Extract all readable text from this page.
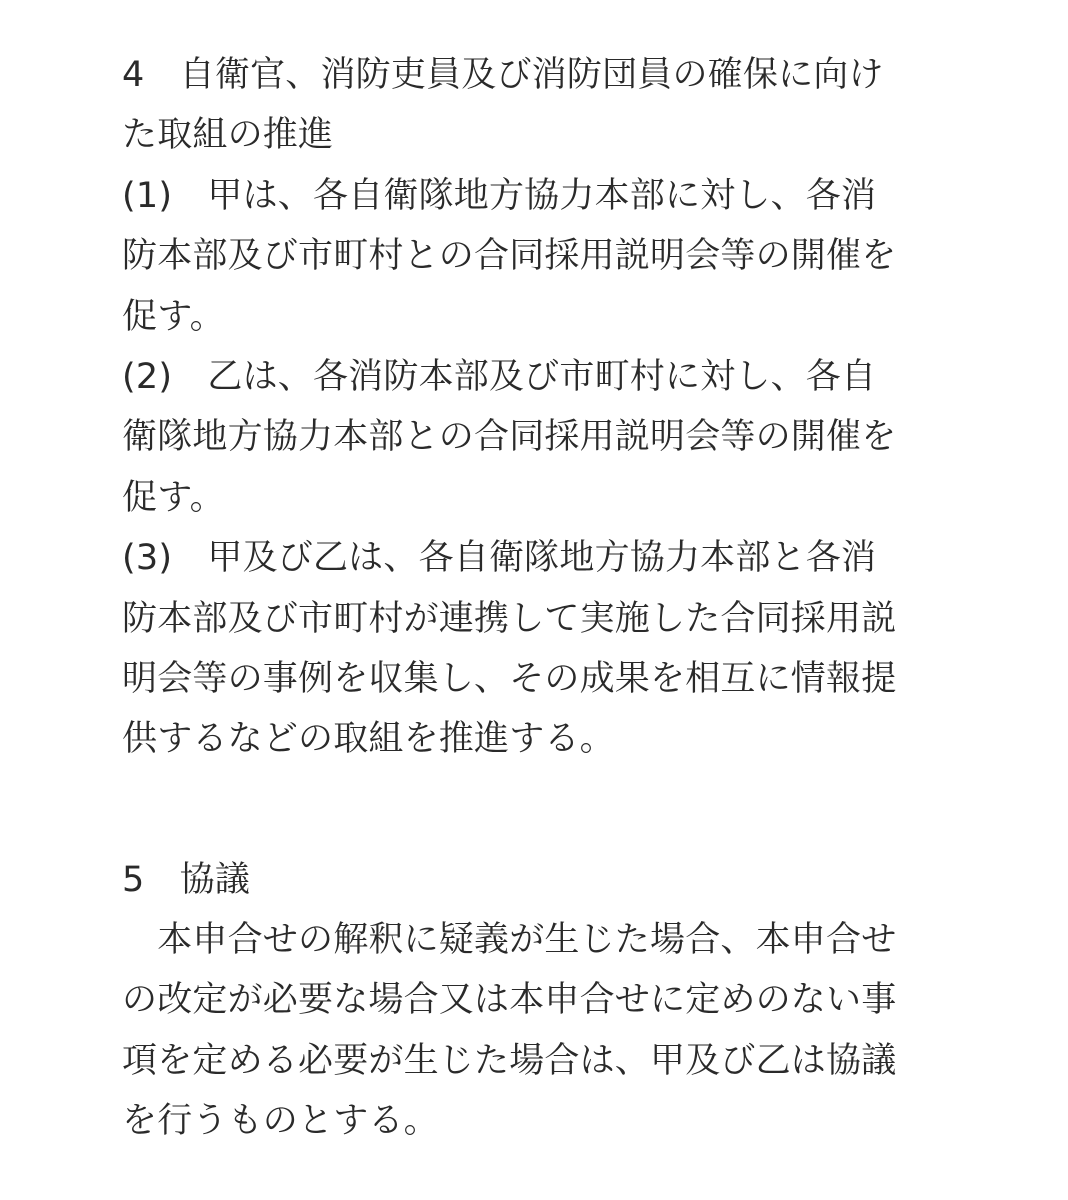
4　自衛官、消防吏員及び消防団員の確保に向け
た取組の推進
(1)　甲は、各自衛隊地方協力本部に対し、各消
防本部及び市町村との合同採用説明会等の開催を
促す。
(2)　乙は、各消防本部及び市町村に対し、各自
衛隊地方協力本部との合同採用説明会等の開催を
促す。
(3)　甲及び乙は、各自衛隊地方協力本部と各消
防本部及び市町村が連携して実施した合同採用説
明会等の事例を収集し、その成果を相互に情報提
供するなどの取組を推進する。
5　協議
　本申合せの解釈に疑義が生じた場合、本申合せ
の改定が必要な場合又は本申合せに定めのない事
項を定める必要が生じた場合は、甲及び乙は協議
を行うものとする。
